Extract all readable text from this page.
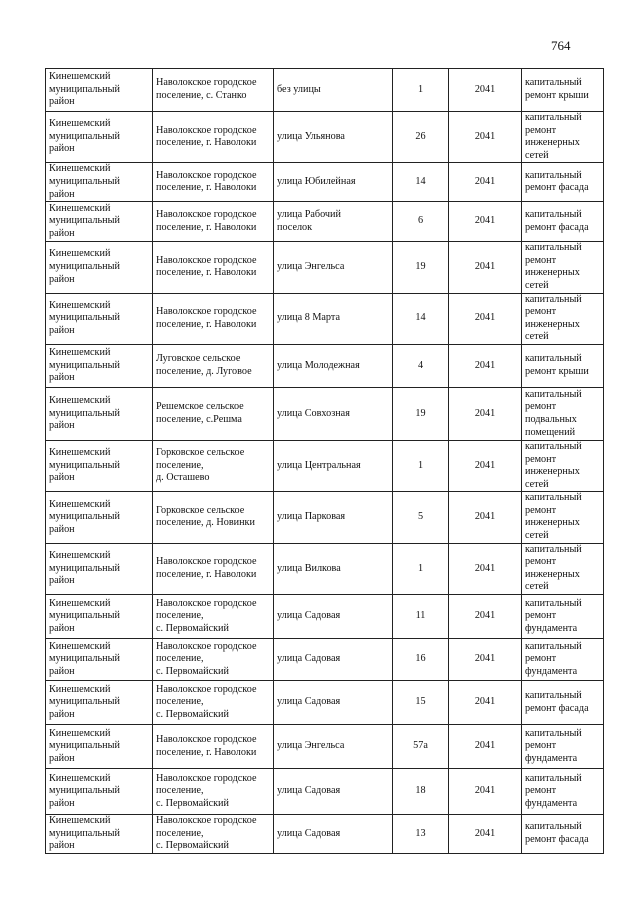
764
Кинешемский
муниципальный
район	Наволокское городское
поселение, с. Станко	без улицы	1	2041	капитальный
ремонт крыши

Кинешемский
муниципальный
район	Наволокское городское
поселение, г. Наволоки	улица Ульянова	26	2041	капитальный
ремонт
инженерных
сетей

Кинешемский
муниципальный
район	Наволокское городское
поселение, г. Наволоки	улица Юбилейная	14	2041	капитальный
ремонт фасада

Кинешемский
муниципальный
район	Наволокское городское
поселение, г. Наволоки	улица Рабочий
поселок	6	2041	капитальный
ремонт фасада

Кинешемский
муниципальный
район	Наволокское городское
поселение, г. Наволоки	улица Энгельса	19	2041	капитальный
ремонт
инженерных
сетей

Кинешемский
муниципальный
район	Наволокское городское
поселение, г. Наволоки	улица 8 Марта	14	2041	капитальный
ремонт
инженерных
сетей

Кинешемский
муниципальный
район	Луговское сельское
поселение, д. Луговое	улица Молодежная	4	2041	капитальный
ремонт крыши

Кинешемский
муниципальный
район	Решемское сельское
поселение, с.Решма	улица Совхозная	19	2041	капитальный
ремонт
подвальных
помещений

Кинешемский
муниципальный
район	Горковское сельское
поселение,
д. Осташево	улица Центральная	1	2041	капитальный
ремонт
инженерных
сетей

Кинешемский
муниципальный
район	Горковское сельское
поселение, д. Новинки	улица Парковая	5	2041	капитальный
ремонт
инженерных
сетей

Кинешемский
муниципальный
район	Наволокское городское
поселение, г. Наволоки	улица Вилкова	1	2041	капитальный
ремонт
инженерных
сетей

Кинешемский
муниципальный
район	Наволокское городское
поселение,
с. Первомайский	улица Садовая	11	2041	капитальный
ремонт
фундамента

Кинешемский
муниципальный
район	Наволокское городское
поселение,
с. Первомайский	улица Садовая	16	2041	капитальный
ремонт
фундамента

Кинешемский
муниципальный
район	Наволокское городское
поселение,
с. Первомайский	улица Садовая	15	2041	капитальный
ремонт фасада

Кинешемский
муниципальный
район	Наволокское городское
поселение, г. Наволоки	улица Энгельса	57а	2041	капитальный
ремонт
фундамента

Кинешемский
муниципальный
район	Наволокское городское
поселение,
с. Первомайский	улица Садовая	18	2041	капитальный
ремонт
фундамента

Кинешемский
муниципальный
район	Наволокское городское
поселение,
с. Первомайский	улица Садовая	13	2041	капитальный
ремонт фасада
